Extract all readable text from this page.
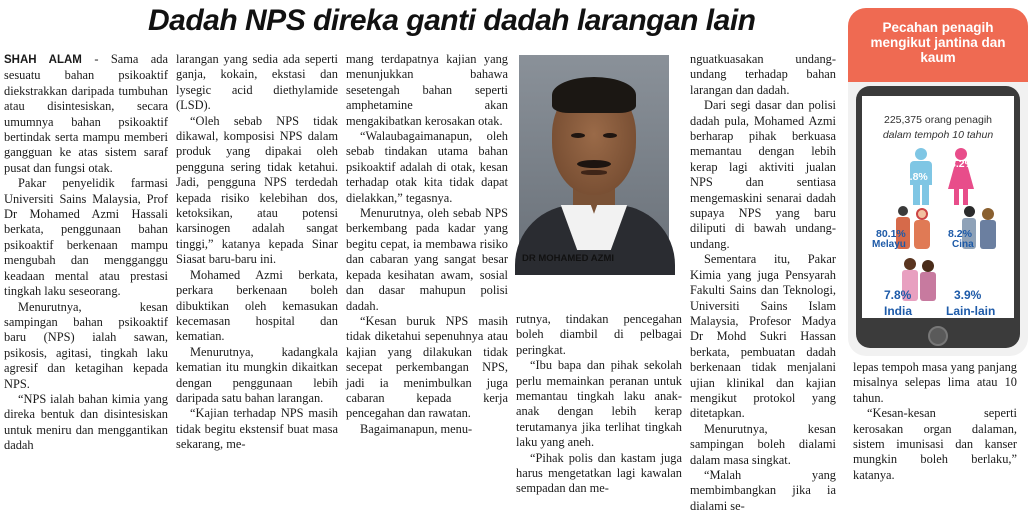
Dadah NPS direka ganti dadah larangan lain

SHAH ALAM - Sama ada sesuatu bahan psikoaktif diekstrakkan daripada tumbuhan atau disintesiskan, secara umumnya bahan psikoaktif bertindak serta mampu memberi gangguan ke atas sistem saraf pusat dan fungsi otak.

Pakar penyelidik farmasi Universiti Sains Malaysia, Prof Dr Mohamed Azmi Hassali berkata, penggunaan bahan psikoaktif berkenaan mampu mengubah dan mengganggu keadaan mental atau prestasi tingkah laku seseorang.

Menurutnya, kesan sampingan bahan psikoaktif baru (NPS) ialah sawan, psikosis, agitasi, tingkah laku agresif dan ketagihan kepada NPS.

“NPS ialah bahan kimia yang direka bentuk dan disintesiskan untuk meniru dan menggantikan dadah

larangan yang sedia ada seperti ganja, kokain, ekstasi dan lysegic acid diethylamide (LSD).

“Oleh sebab NPS tidak dikawal, komposisi NPS dalam produk yang dipakai oleh pengguna sering tidak ketahui. Jadi, pengguna NPS terdedah kepada risiko kelebihan dos, ketoksikan, atau potensi karsinogen adalah sangat tinggi,” katanya kepada Sinar Siasat baru-baru ini.

Mohamed Azmi berkata, perkara berkenaan boleh dibuktikan oleh kemasukan kecemasan hospital dan kematian.

Menurutnya, kadangkala kematian itu mungkin dikaitkan dengan penggunaan lebih daripada satu bahan larangan.

“Kajian terhadap NPS masih tidak begitu ekstensif buat masa sekarang, me-

mang terdapatnya kajian yang menunjukkan bahawa sesetengah bahan seperti amphetamine akan mengakibatkan kerosakan otak.

“Walaubagaimanapun, oleh sebab tindakan utama bahan psikoaktif adalah di otak, kesan terhadap otak kita tidak dapat dielakkan,” tegasnya.

Menurutnya, oleh sebab NPS berkembang pada kadar yang begitu cepat, ia membawa risiko dan cabaran yang sangat besar kepada kesihatan awam, sosial dan dasar mahupun polisi dadah.

“Kesan buruk NPS masih tidak diketahui sepenuhnya atau kajian yang dilakukan tidak secepat perkembangan NPS, jadi ia menimbulkan juga cabaran kepada kerja pencegahan dan rawatan.

Bagaimanapun, menu-

DR MOHAMED AZMI

rutnya, tindakan pencegahan boleh diambil di pelbagai peringkat.

“Ibu bapa dan pihak sekolah perlu memainkan peranan untuk memantau tingkah laku anak-anak dengan lebih kerap terutamanya jika terlihat tingkah laku yang aneh.

“Pihak polis dan kastam juga harus mengetatkan lagi kawalan sempadan dan me-

nguatkuasakan undang-undang terhadap bahan larangan dan dadah.

Dari segi dasar dan polisi dadah pula, Mohamed Azmi berharap pihak berkuasa memantau dengan lebih kerap lagi aktiviti jualan NPS dan sentiasa mengemaskini senarai dadah supaya NPS yang baru diliputi di bawah undang-undang.

Sementara itu, Pakar Kimia yang juga Pensyarah Fakulti Sains dan Teknologi, Universiti Sains Islam Malaysia, Profesor Madya Dr Mohd Sukri Hassan berkata, pembuatan dadah berkenaan tidak menjalani ujian klinikal dan kajian mengikut protokol yang ditetapkan.

Menurutnya, kesan sampingan boleh dialami dalam masa singkat.

“Malah yang membimbangkan jika ia dialami se-

Pecahan penagih mengikut jantina dan kaum
225,375 orang penagih
dalam tempoh 10 tahun
96.8%
3.2%
80.1%
Melayu
8.2%
Cina
7.8%
India
3.9%
Lain-lain

lepas tempoh masa yang panjang misalnya selepas lima atau 10 tahun.

“Kesan-kesan seperti kerosakan organ dalaman, sistem imunisasi dan kanser mungkin boleh berlaku,” katanya.
